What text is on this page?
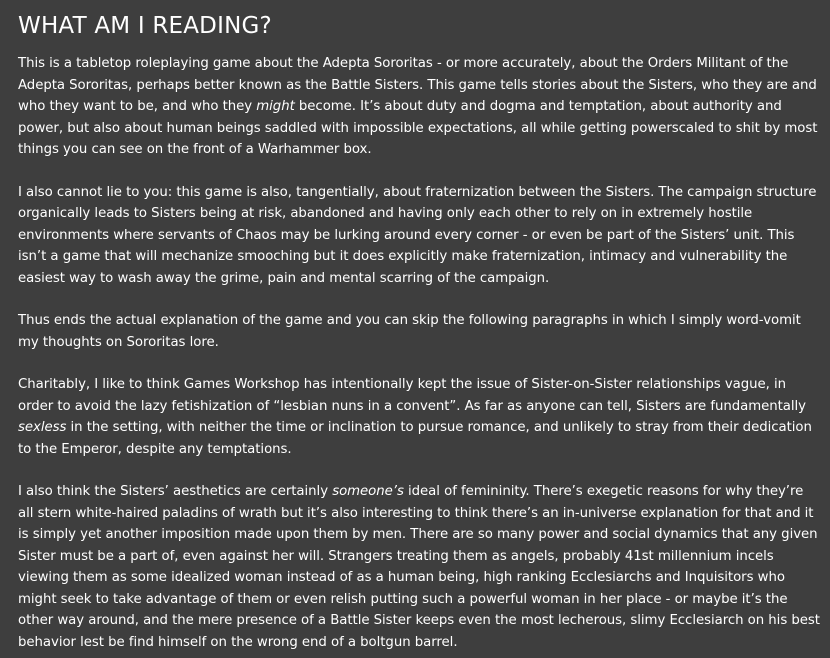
WHAT AM I READING?

This is a tabletop roleplaying game about the Adepta Sororitas - or more accurately, about the Orders Militant of the Adepta Sororitas, perhaps better known as the Battle Sisters. This game tells stories about the Sisters, who they are and who they want to be, and who they might become. It’s about duty and dogma and temptation, about authority and power, but also about human beings saddled with impossible expectations, all while getting powerscaled to shit by most things you can see on the front of a Warhammer box.

I also cannot lie to you: this game is also, tangentially, about fraternization between the Sisters. The campaign structure organically leads to Sisters being at risk, abandoned and having only each other to rely on in extremely hostile environments where servants of Chaos may be lurking around every corner - or even be part of the Sisters’ unit. This isn’t a game that will mechanize smooching but it does explicitly make fraternization, intimacy and vulnerability the easiest way to wash away the grime, pain and mental scarring of the campaign.

Thus ends the actual explanation of the game and you can skip the following paragraphs in which I simply word-vomit my thoughts on Sororitas lore.

Charitably, I like to think Games Workshop has intentionally kept the issue of Sister-on-Sister relationships vague, in order to avoid the lazy fetishization of “lesbian nuns in a convent”. As far as anyone can tell, Sisters are fundamentally sexless in the setting, with neither the time or inclination to pursue romance, and unlikely to stray from their dedication to the Emperor, despite any temptations.

I also think the Sisters’ aesthetics are certainly someone’s ideal of femininity. There’s exegetic reasons for why they’re all stern white-haired paladins of wrath but it’s also interesting to think there’s an in-universe explanation for that and it is simply yet another imposition made upon them by men. There are so many power and social dynamics that any given Sister must be a part of, even against her will. Strangers treating them as angels, probably 41st millennium incels viewing them as some idealized woman instead of as a human being, high ranking Ecclesiarchs and Inquisitors who might seek to take advantage of them or even relish putting such a powerful woman in her place - or maybe it’s the other way around, and the mere presence of a Battle Sister keeps even the most lecherous, slimy Ecclesiarch on his best behavior lest be find himself on the wrong end of a boltgun barrel.
